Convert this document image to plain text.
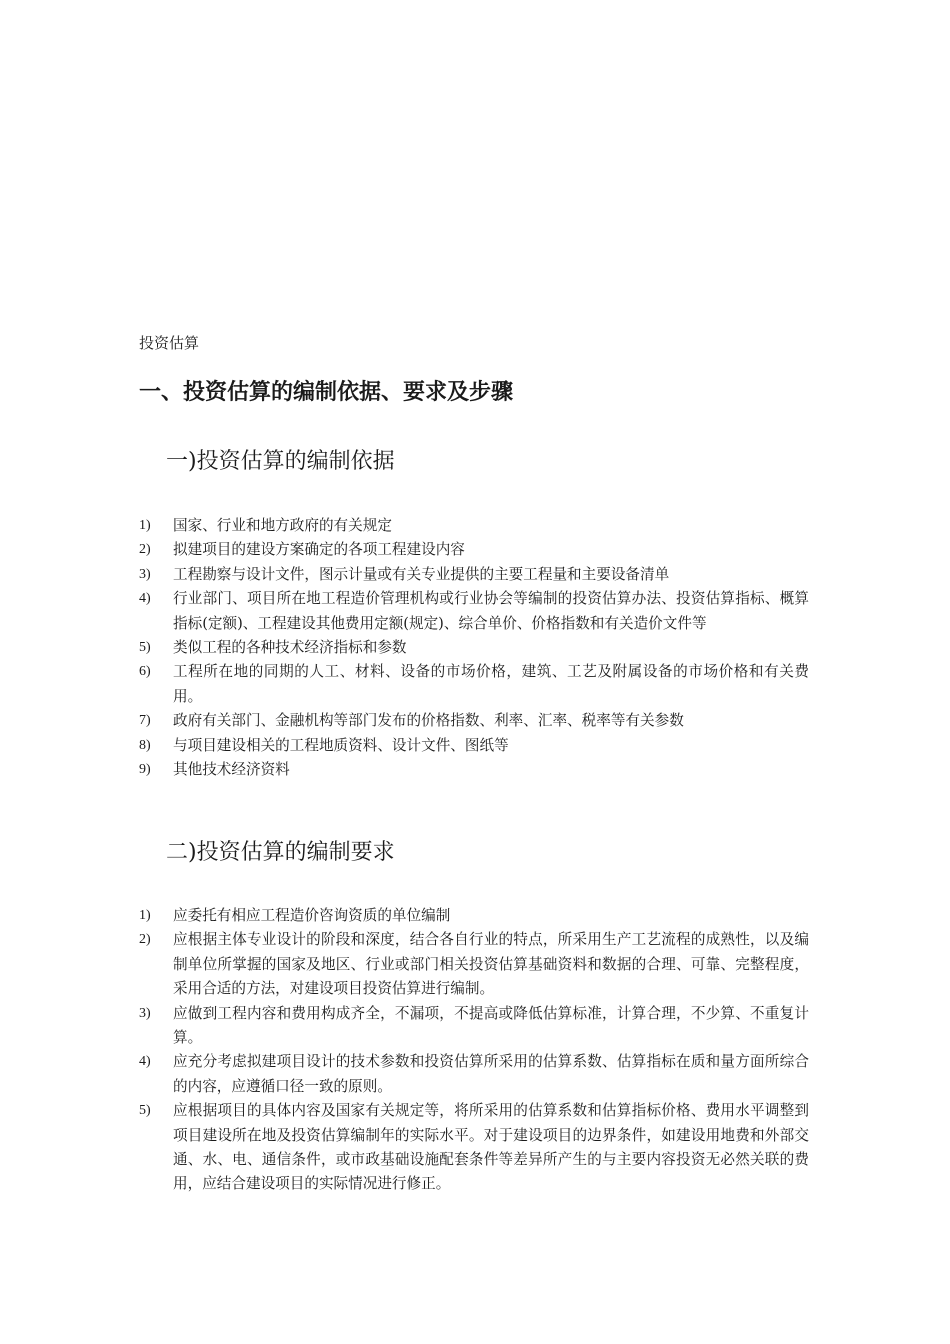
投资估算
一、投资估算的编制依据、要求及步骤
一)投资估算的编制依据
1) 国家、行业和地方政府的有关规定
2) 拟建项目的建设方案确定的各项工程建设内容
3) 工程勘察与设计文件，图示计量或有关专业提供的主要工程量和主要设备清单
4) 行业部门、项目所在地工程造价管理机构或行业协会等编制的投资估算办法、投资估算指标、概算指标(定额)、工程建设其他费用定额(规定)、综合单价、价格指数和有关造价文件等
5) 类似工程的各种技术经济指标和参数
6) 工程所在地的同期的人工、材料、设备的市场价格，建筑、工艺及附属设备的市场价格和有关费用。
7) 政府有关部门、金融机构等部门发布的价格指数、利率、汇率、税率等有关参数
8) 与项目建设相关的工程地质资料、设计文件、图纸等
9) 其他技术经济资料
二)投资估算的编制要求
1) 应委托有相应工程造价咨询资质的单位编制
2) 应根据主体专业设计的阶段和深度，结合各自行业的特点，所采用生产工艺流程的成熟性，以及编制单位所掌握的国家及地区、行业或部门相关投资估算基础资料和数据的合理、可靠、完整程度，采用合适的方法，对建设项目投资估算进行编制。
3) 应做到工程内容和费用构成齐全，不漏项，不提高或降低估算标准，计算合理，不少算、不重复计算。
4) 应充分考虑拟建项目设计的技术参数和投资估算所采用的估算系数、估算指标在质和量方面所综合的内容，应遵循口径一致的原则。
5) 应根据项目的具体内容及国家有关规定等，将所采用的估算系数和估算指标价格、费用水平调整到项目建设所在地及投资估算编制年的实际水平。对于建设项目的边界条件，如建设用地费和外部交通、水、电、通信条件，或市政基础设施配套条件等差异所产生的与主要内容投资无必然关联的费用，应结合建设项目的实际情况进行修正。
